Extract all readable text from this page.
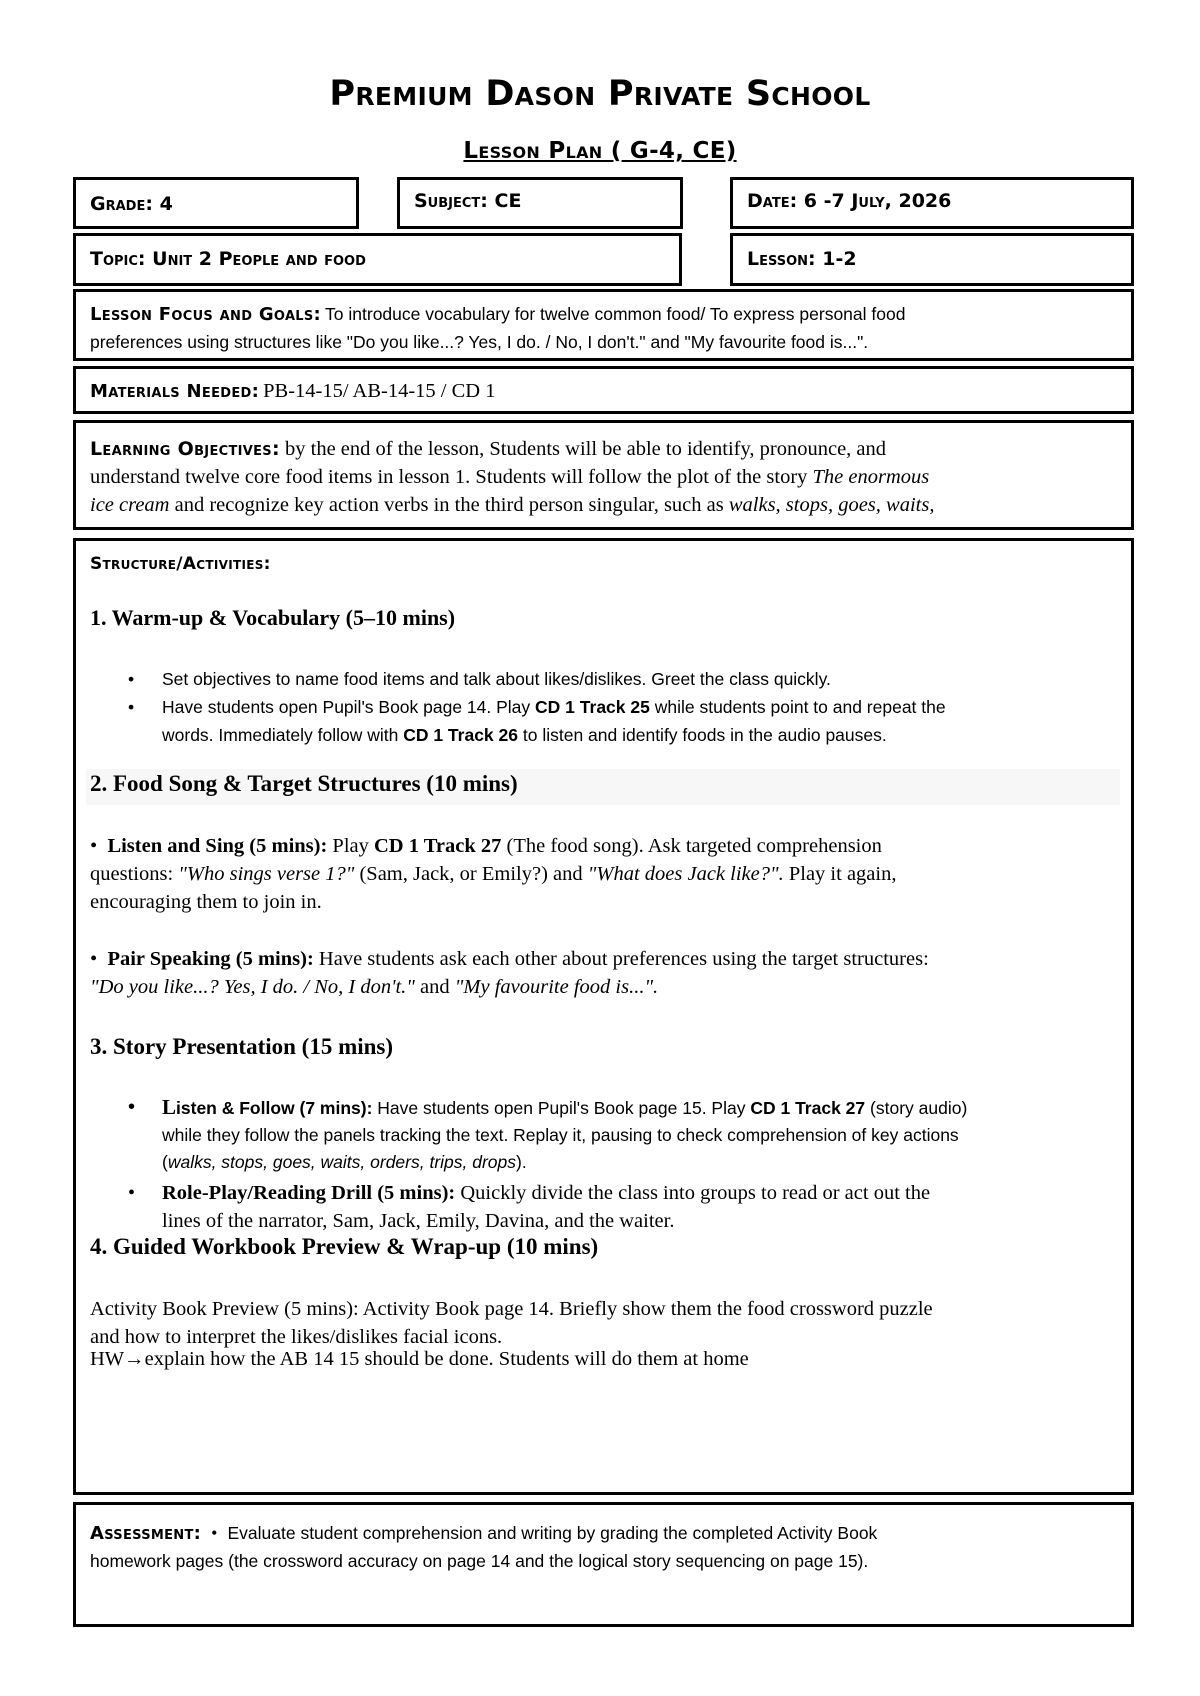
Premium Dason Private School
Lesson Plan ( G-4, CE)
Grade: 4	Subject: CE	Date: 6 -7 July, 2026
Topic: Unit 2 People and food	Lesson: 1-2
Lesson Focus and Goals: To introduce vocabulary for twelve common food/ To express personal food
preferences using structures like "Do you like...? Yes, I do. / No, I don't." and "My favourite food is...".
Materials Needed: PB-14-15/ AB-14-15 / CD 1
Learning Objectives: by the end of the lesson, Students will be able to identify, pronounce, and
understand twelve core food items in lesson 1. Students will follow the plot of the story The enormous
ice cream and recognize key action verbs in the third person singular, such as walks, stops, goes, waits,
Structure/Activities:
1. Warm-up & Vocabulary (5–10 mins)
• Set objectives to name food items and talk about likes/dislikes. Greet the class quickly.
• Have students open Pupil's Book page 14. Play CD 1 Track 25 while students point to and repeat the
words. Immediately follow with CD 1 Track 26 to listen and identify foods in the audio pauses.
2. Food Song & Target Structures (10 mins)
• Listen and Sing (5 mins): Play CD 1 Track 27 (The food song). Ask targeted comprehension
questions: "Who sings verse 1?" (Sam, Jack, or Emily?) and "What does Jack like?". Play it again,
encouraging them to join in.
• Pair Speaking (5 mins): Have students ask each other about preferences using the target structures:
"Do you like...? Yes, I do. / No, I don't." and "My favourite food is...".
3. Story Presentation (15 mins)
• Listen & Follow (7 mins): Have students open Pupil's Book page 15. Play CD 1 Track 27 (story audio)
while they follow the panels tracking the text. Replay it, pausing to check comprehension of key actions
(walks, stops, goes, waits, orders, trips, drops).
• Role-Play/Reading Drill (5 mins): Quickly divide the class into groups to read or act out the
lines of the narrator, Sam, Jack, Emily, Davina, and the waiter.
4. Guided Workbook Preview & Wrap-up (10 mins)
Activity Book Preview (5 mins): Activity Book page 14. Briefly show them the food crossword puzzle
and how to interpret the likes/dislikes facial icons.
HW→explain how the AB 14 15 should be done. Students will do them at home
Assessment: • Evaluate student comprehension and writing by grading the completed Activity Book
homework pages (the crossword accuracy on page 14 and the logical story sequencing on page 15).
